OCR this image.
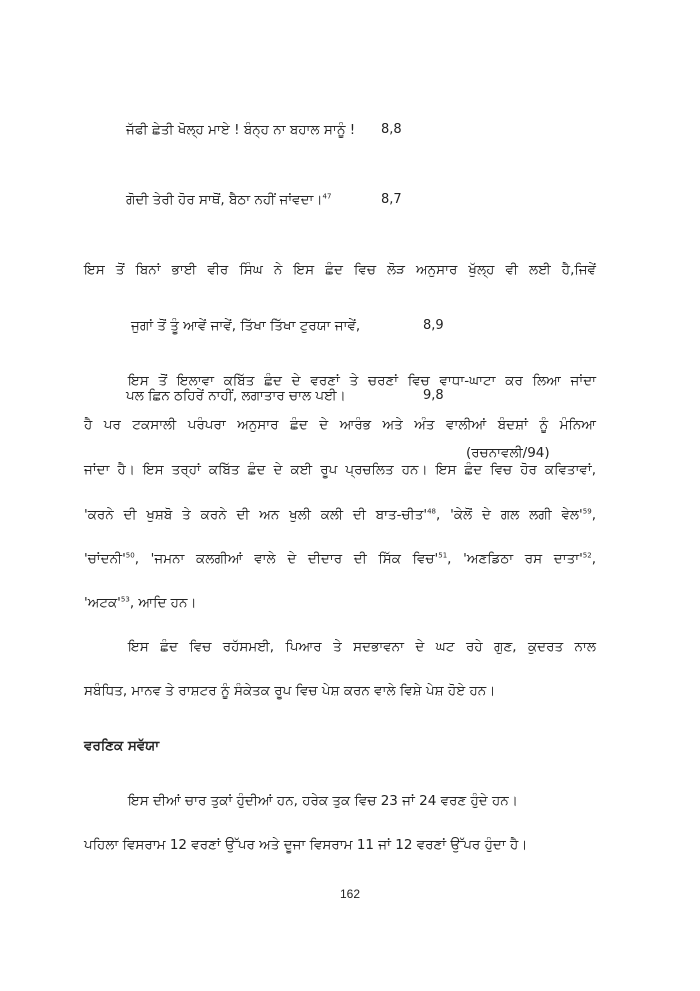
ਜੱਫੀ ਛੇਤੀ ਖੋਲ੍ਹ ਮਾਏ ! ਬੰਨ੍ਹ ਨਾ ਬਹਾਲ ਸਾਨੂੰ ! 8,8
ਗੋਦੀ ਤੇਰੀ ਹੋਰ ਸਾਥੋਂ, ਬੈਠਾ ਨਹੀਂ ਜਾਂਵਦਾ।$^{47}$	8,7
ਇਸ ਤੋਂ ਬਿਨਾਂ ਭਾਈ ਵੀਰ ਸਿੰਘ ਨੇ ਇਸ ਛੰਦ ਵਿਚ ਲੋੜ ਅਨੁਸਾਰ ਖੁੱਲ੍ਹ ਵੀ ਲਈ ਹੈ,ਜਿਵੇਂ
ਜੁਗਾਂ ਤੋਂ ਤੂੰ ਆਵੇਂ ਜਾਵੇਂ, ਤਿੱਖਾ ਤਿੱਖਾ ਟੁਰਯਾ ਜਾਵੇਂ,	8,9
ਪਲ ਛਿਨ ਠਹਿਰੇਂ ਨਾਹੀਂ, ਲਗਾਤਾਰ ਚਾਲ ਪਈ।	9,8
(ਰਚਨਾਵਲੀ/94)
ਇਸ ਤੋਂ ਇਲਾਵਾ ਕਬਿੱਤ ਛੰਦ ਦੇ ਵਰਣਾਂ ਤੇ ਚਰਣਾਂ ਵਿਚ ਵਾਧਾ-ਘਾਟਾ ਕਰ ਲਿਆ ਜਾਂਦਾ
ਹੈ ਪਰ ਟਕਸਾਲੀ ਪਰੰਪਰਾ ਅਨੁਸਾਰ ਛੰਦ ਦੇ ਆਰੰਭ ਅਤੇ ਅੰਤ ਵਾਲੀਆਂ ਬੰਦਸ਼ਾਂ ਨੂੰ ਮੰਨਿਆ
ਜਾਂਦਾ ਹੈ। ਇਸ ਤਰ੍ਹਾਂ ਕਬਿੱਤ ਛੰਦ ਦੇ ਕਈ ਰੂਪ ਪ੍ਰਚਲਿਤ ਹਨ। ਇਸ ਛੰਦ ਵਿਚ ਹੋਰ ਕਵਿਤਾਵਾਂ,
'ਕਰਨੇ ਦੀ ਖੁਸ਼ਬੋ ਤੇ ਕਰਨੇ ਦੀ ਅਨ ਖੁਲੀ ਕਲੀ ਦੀ $ਬਾਤ-ਚੀਤ'^{48}$, 'ਕੇਲੋਂ ਦੇ ਗਲ ਲਗੀ $ਵੇਲ'^{59}$,
'$ਚਾਂਦਨੀ'^{50}$, 'ਜਮਨਾ ਕਲਗੀਆਂ ਵਾਲੇ ਦੇ ਦੀਦਾਰ ਦੀ ਸਿੱਕ $ਵਿਚ'^{51}$, 'ਅਣਡਿਠਾ ਰਸ $ਦਾਤਾ'^{52}$,
'$ਅਟਕ'^{53}$, ਆਦਿ ਹਨ।
ਇਸ ਛੰਦ ਵਿਚ ਰਹੱਸਮਈ, ਪਿਆਰ ਤੇ ਸਦਭਾਵਨਾ ਦੇ ਘਟ ਰਹੇ ਗੁਣ, ਕੁਦਰਤ ਨਾਲ
ਸਬੰਧਿਤ, ਮਾਨਵ ਤੇ ਰਾਸ਼ਟਰ ਨੂੰ ਸੰਕੇਤਕ ਰੂਪ ਵਿਚ ਪੇਸ਼ ਕਰਨ ਵਾਲੇ ਵਿਸ਼ੇ ਪੇਸ਼ ਹੋਏ ਹਨ।
ਵਰਣਿਕ ਸਵੱਯਾ
ਇਸ ਦੀਆਂ ਚਾਰ ਤੁਕਾਂ ਹੁੰਦੀਆਂ ਹਨ, ਹਰੇਕ ਤੁਕ ਵਿਚ 23 ਜਾਂ 24 ਵਰਣ ਹੁੰਦੇ ਹਨ।
ਪਹਿਲਾ ਵਿਸਰਾਮ 12 ਵਰਣਾਂ ਉੱਪਰ ਅਤੇ ਦੂਜਾ ਵਿਸਰਾਮ 11 ਜਾਂ 12 ਵਰਣਾਂ ਉੱਪਰ ਹੁੰਦਾ ਹੈ।
162
